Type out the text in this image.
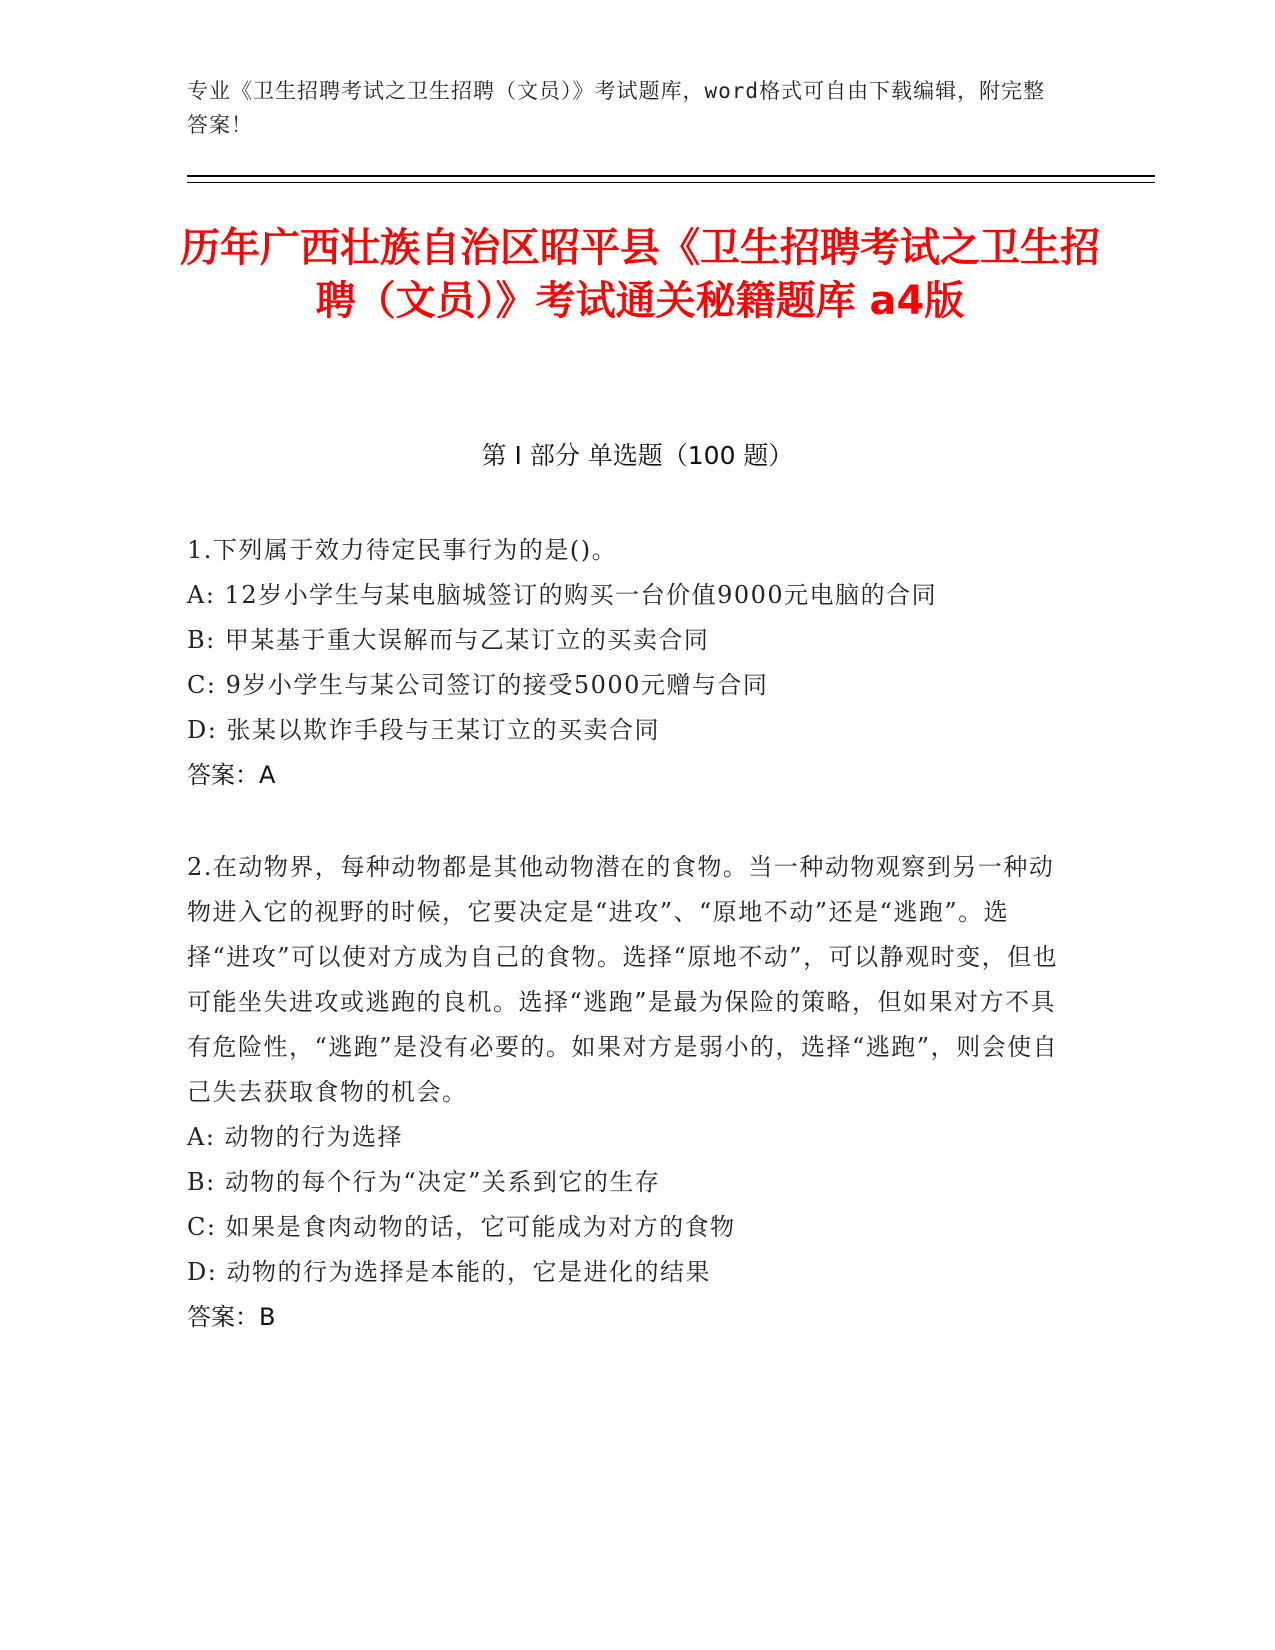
专业《卫生招聘考试之卫生招聘（文员）》考试题库，word格式可自由下载编辑，附完整答案！
历年广西壮族自治区昭平县《卫生招聘考试之卫生招聘（文员）》考试通关秘籍题库 a4版
第 I 部分 单选题（100 题）

1.下列属于效力待定民事行为的是()。

A: 12岁小学生与某电脑城签订的购买一台价值9000元电脑的合同

B: 甲某基于重大误解而与乙某订立的买卖合同

C: 9岁小学生与某公司签订的接受5000元赠与合同

D: 张某以欺诈手段与王某订立的买卖合同

答案：A

2.在动物界，每种动物都是其他动物潜在的食物。当一种动物观察到另一种动物进入它的视野的时候，它要决定是“进攻”、“原地不动”还是“逃跑”。选择“进攻”可以使对方成为自己的食物。选择“原地不动”，可以静观时变，但也可能坐失进攻或逃跑的良机。选择“逃跑”是最为保险的策略，但如果对方不具有危险性，“逃跑”是没有必要的。如果对方是弱小的，选择“逃跑”，则会使自己失去获取食物的机会。

A: 动物的行为选择

B: 动物的每个行为“决定”关系到它的生存

C: 如果是食肉动物的话，它可能成为对方的食物

D: 动物的行为选择是本能的，它是进化的结果

答案：B
